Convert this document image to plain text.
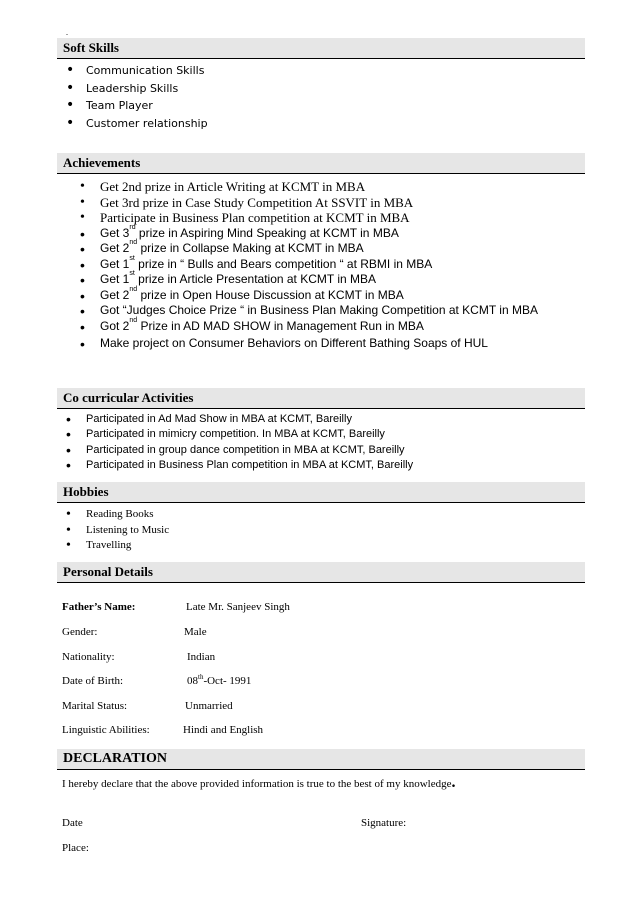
.
Soft Skills
• Communication Skills
• Leadership Skills
• Team Player
• Customer relationship
Achievements
• Get 2nd prize in Article Writing at KCMT in MBA
• Get 3rd prize in Case Study Competition At SSVIT in MBA
• Participate in Business Plan competition at KCMT in MBA
• Get 3rd prize in Aspiring Mind Speaking at KCMT in MBA
• Get 2nd prize in Collapse Making at KCMT in MBA
• Get 1st prize in “ Bulls and Bears competition “ at RBMI in MBA
• Get 1st prize in Article Presentation at KCMT in MBA
• Get 2nd prize in Open House Discussion at KCMT in MBA
• Got “Judges Choice Prize “ in Business Plan Making Competition at KCMT in MBA
• Got 2nd Prize in AD MAD SHOW in Management Run in MBA
• Make project on Consumer Behaviors on Different Bathing Soaps of HUL
Co curricular Activities
• Participated in Ad Mad Show in MBA at KCMT, Bareilly
• Participated in mimicry competition. In MBA at KCMT, Bareilly
• Participated in group dance competition in MBA at KCMT, Bareilly
• Participated in Business Plan competition in MBA at KCMT, Bareilly
Hobbies
• Reading Books
• Listening to Music
• Travelling
Personal Details
Father’s Name:	Late Mr. Sanjeev Singh
Gender:	Male
Nationality:	Indian
Date of Birth:	08th-Oct- 1991
Marital Status:	Unmarried
Linguistic Abilities:	Hindi and English
DECLARATION
I hereby declare that the above provided information is true to the best of my knowledge.
Date	Signature:
Place:
